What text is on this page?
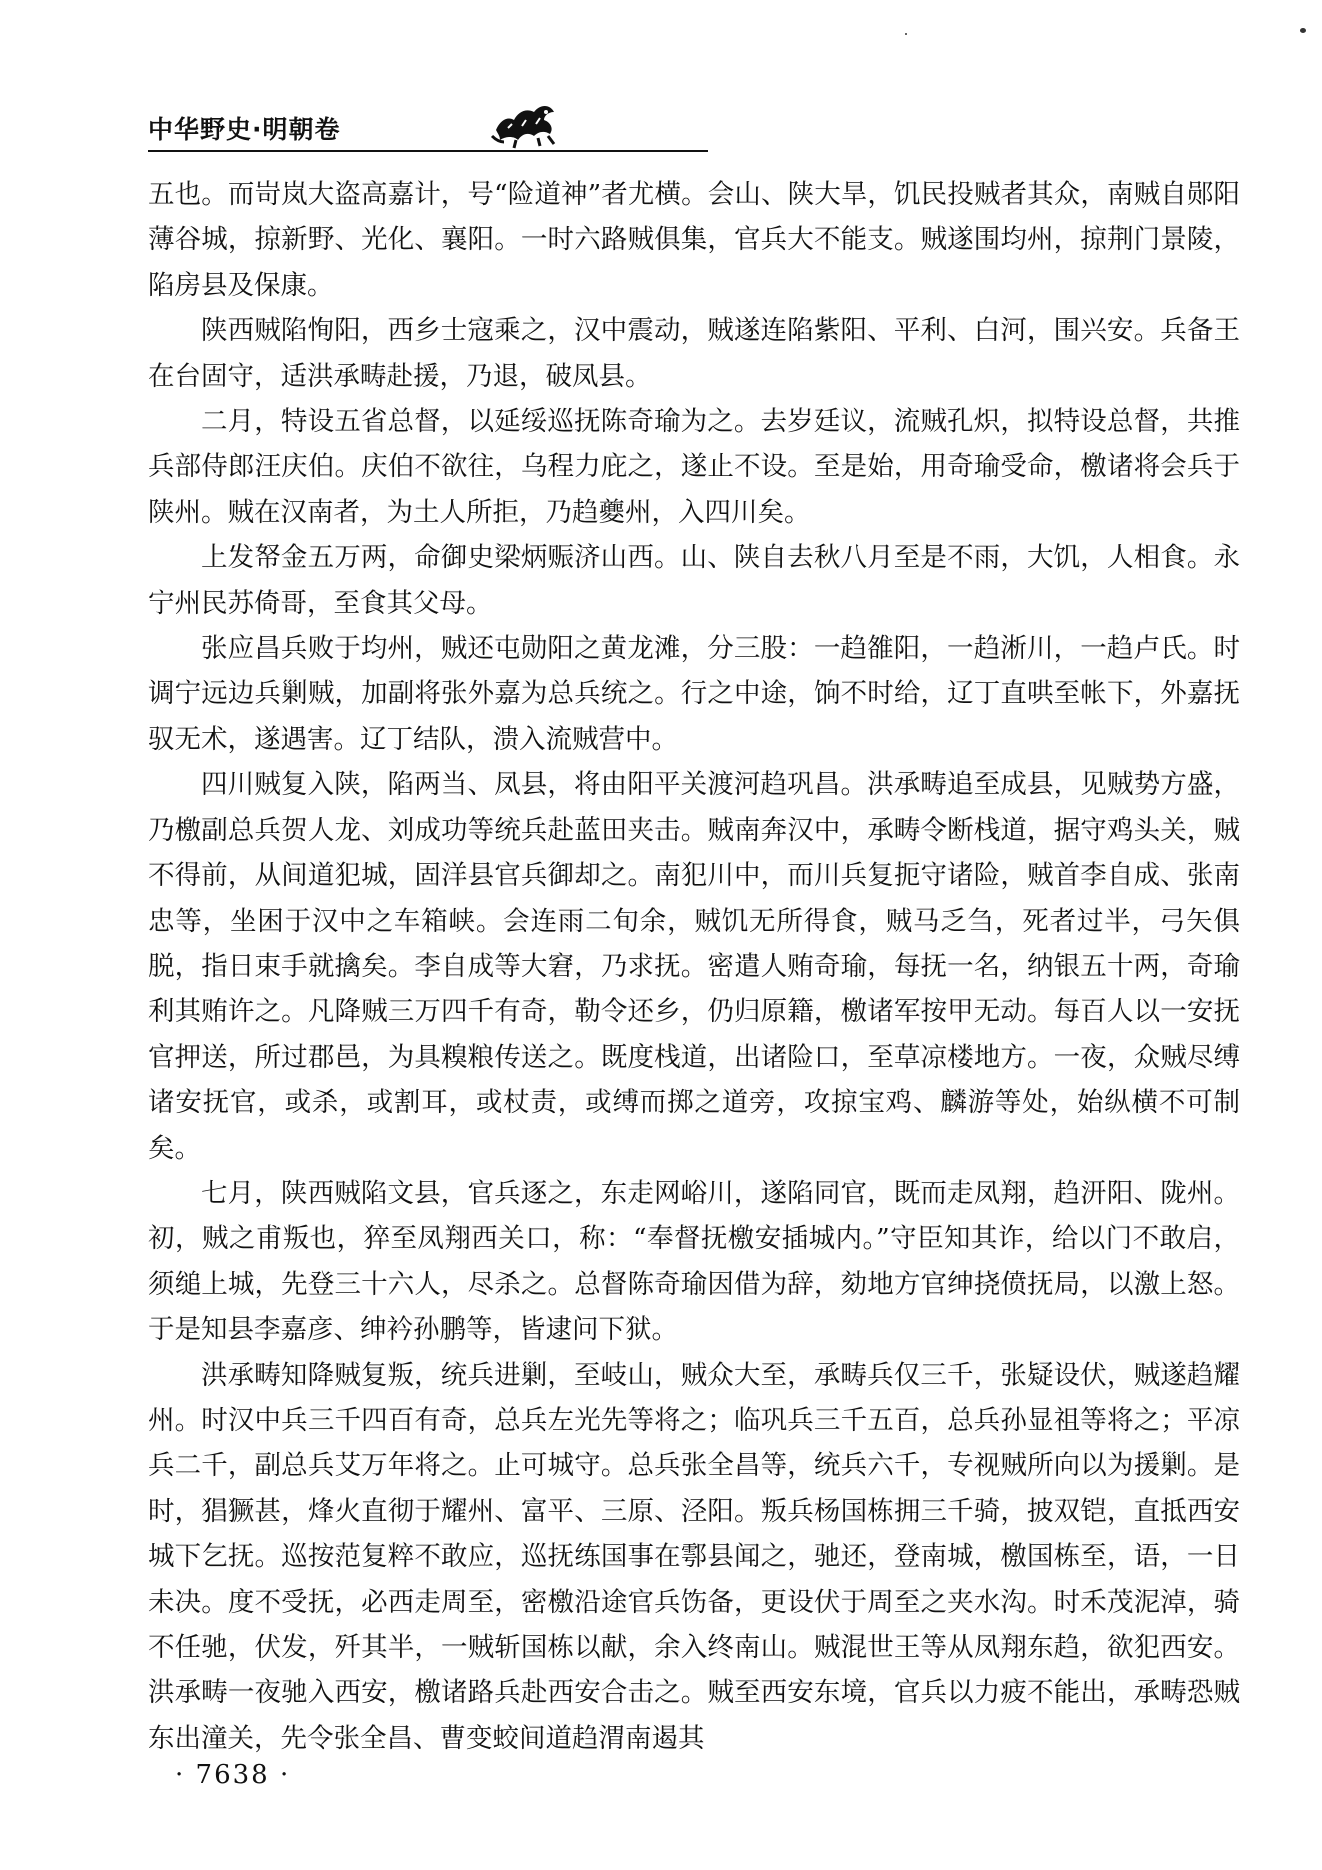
中华野史·明朝卷

五也。而岢岚大盗高嘉计，号“险道神”者尤横。会山、陕大旱，饥民投贼者其众，南贼自郧阳薄谷城，掠新野、光化、襄阳。一时六路贼俱集，官兵大不能支。贼遂围均州，掠荆门景陵，陷房县及保康。

陕西贼陷恂阳，西乡士寇乘之，汉中震动，贼遂连陷紫阳、平利、白河，围兴安。兵备王在台固守，适洪承畴赴援，乃退，破凤县。

二月，特设五省总督，以延绥巡抚陈奇瑜为之。去岁廷议，流贼孔炽，拟特设总督，共推兵部侍郎汪庆伯。庆伯不欲往，乌程力庇之，遂止不设。至是始，用奇瑜受命，檄诸将会兵于陕州。贼在汉南者，为土人所拒，乃趋夔州，入四川矣。

上发帑金五万两，命御史梁炳赈济山西。山、陕自去秋八月至是不雨，大饥，人相食。永宁州民苏倚哥，至食其父母。

张应昌兵败于均州，贼还屯勋阳之黄龙滩，分三股：一趋雒阳，一趋淅川，一趋卢氏。时调宁远边兵剿贼，加副将张外嘉为总兵统之。行之中途，饷不时给，辽丁直哄至帐下，外嘉抚驭无术，遂遇害。辽丁结队，溃入流贼营中。

四川贼复入陕，陷两当、凤县，将由阳平关渡河趋巩昌。洪承畴追至成县，见贼势方盛，乃檄副总兵贺人龙、刘成功等统兵赴蓝田夹击。贼南奔汉中，承畴令断栈道，据守鸡头关，贼不得前，从间道犯城，固洋县官兵御却之。南犯川中，而川兵复扼守诸险，贼首李自成、张南忠等，坐困于汉中之车箱峡。会连雨二旬余，贼饥无所得食，贼马乏刍，死者过半，弓矢俱脱，指日束手就擒矣。李自成等大窘，乃求抚。密遣人贿奇瑜，每抚一名，纳银五十两，奇瑜利其贿许之。凡降贼三万四千有奇，勒令还乡，仍归原籍，檄诸军按甲无动。每百人以一安抚官押送，所过郡邑，为具糗粮传送之。既度栈道，出诸险口，至草凉楼地方。一夜，众贼尽缚诸安抚官，或杀，或割耳，或杖责，或缚而掷之道旁，攻掠宝鸡、麟游等处，始纵横不可制矣。

七月，陕西贼陷文县，官兵逐之，东走网峪川，遂陷同官，既而走凤翔，趋汧阳、陇州。初，贼之甫叛也，猝至凤翔西关口，称：“奉督抚檄安插城内。”守臣知其诈，给以门不敢启，须缒上城，先登三十六人，尽杀之。总督陈奇瑜因借为辞，劾地方官绅挠偾抚局，以激上怒。于是知县李嘉彦、绅衿孙鹏等，皆逮问下狱。

洪承畴知降贼复叛，统兵进剿，至岐山，贼众大至，承畴兵仅三千，张疑设伏，贼遂趋耀州。时汉中兵三千四百有奇，总兵左光先等将之；临巩兵三千五百，总兵孙显祖等将之；平凉兵二千，副总兵艾万年将之。止可城守。总兵张全昌等，统兵六千，专视贼所向以为援剿。是时，猖獗甚，烽火直彻于耀州、富平、三原、泾阳。叛兵杨国栋拥三千骑，披双铠，直抵西安城下乞抚。巡按范复粹不敢应，巡抚练国事在鄠县闻之，驰还，登南城，檄国栋至，语，一日未决。度不受抚，必西走周至，密檄沿途官兵饬备，更设伏于周至之夹水沟。时禾茂泥淖，骑不任驰，伏发，歼其半，一贼斩国栋以献，余入终南山。贼混世王等从凤翔东趋，欲犯西安。洪承畴一夜驰入西安，檄诸路兵赴西安合击之。贼至西安东境，官兵以力疲不能出，承畴恐贼东出潼关，先令张全昌、曹变蛟间道趋渭南遏其

· 7638 ·
